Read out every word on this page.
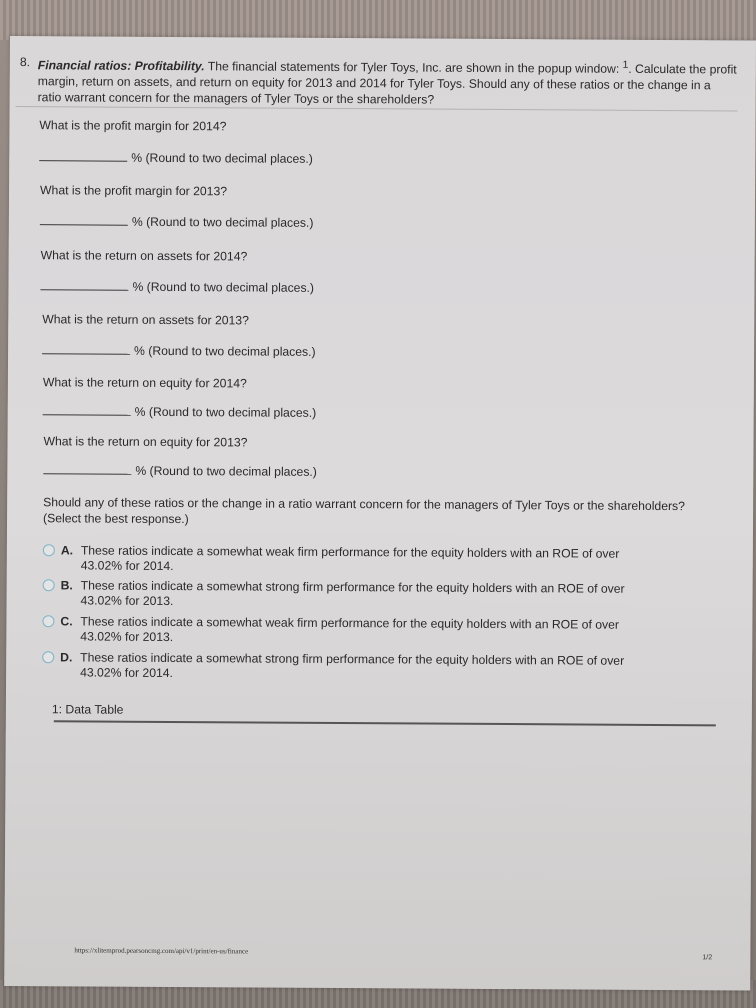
8. Financial ratios: Profitability. The financial statements for Tyler Toys, Inc. are shown in the popup window: $^1$. Calculate the profit margin, return on assets, and return on equity for 2013 and 2014 for Tyler Toys. Should any of these ratios or the change in a ratio warrant concern for the managers of Tyler Toys or the shareholders?
What is the profit margin for 2014?
% (Round to two decimal places.)
What is the profit margin for 2013?
% (Round to two decimal places.)
What is the return on assets for 2014?
% (Round to two decimal places.)
What is the return on assets for 2013?
% (Round to two decimal places.)
What is the return on equity for 2014?
% (Round to two decimal places.)
What is the return on equity for 2013?
% (Round to two decimal places.)
Should any of these ratios or the change in a ratio warrant concern for the managers of Tyler Toys or the shareholders?
(Select the best response.)
A. These ratios indicate a somewhat weak firm performance for the equity holders with an ROE of over 43.02% for 2014.
B. These ratios indicate a somewhat strong firm performance for the equity holders with an ROE of over 43.02% for 2013.
C. These ratios indicate a somewhat weak firm performance for the equity holders with an ROE of over 43.02% for 2013.
D. These ratios indicate a somewhat strong firm performance for the equity holders with an ROE of over 43.02% for 2014.
1: Data Table
https://xlitemprod.pearsoncmg.com/api/v1/print/en-us/finance
1/2
